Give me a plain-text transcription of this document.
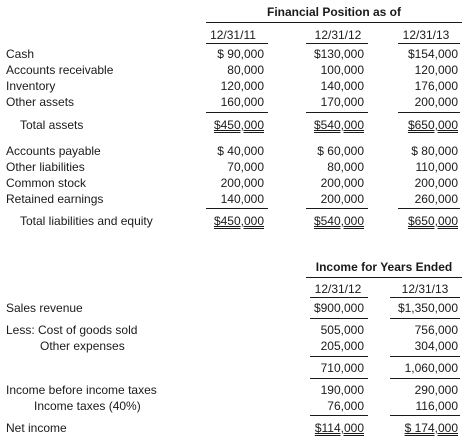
Financial Position as of
12/31/11	12/31/12	12/31/13
Cash	$ 90,000	$130,000	$154,000
Accounts receivable	80,000	100,000	120,000
Inventory	120,000	140,000	176,000
Other assets	160,000	170,000	200,000
Total assets	$450,000	$540,000	$650,000
Accounts payable	$ 40,000	$ 60,000	$ 80,000
Other liabilities	70,000	80,000	110,000
Common stock	200,000	200,000	200,000
Retained earnings	140,000	200,000	260,000
Total liabilities and equity	$450,000	$540,000	$650,000
Income for Years Ended
12/31/12	12/31/13
Sales revenue	$900,000	$1,350,000
Less: Cost of goods sold	505,000	756,000
Other expenses	205,000	304,000
710,000	1,060,000
Income before income taxes	190,000	290,000
Income taxes (40%)	76,000	116,000
Net income	$114,000	$ 174,000
